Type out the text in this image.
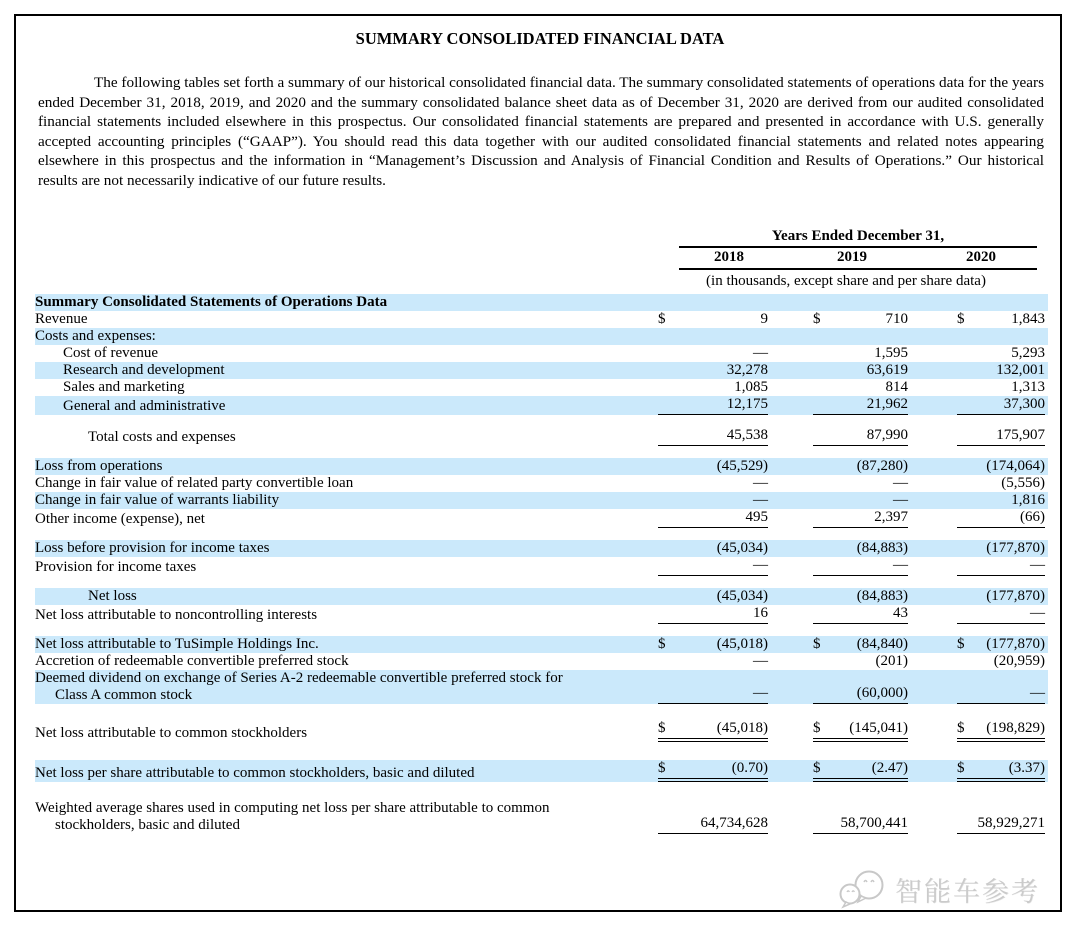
SUMMARY CONSOLIDATED FINANCIAL DATA
The following tables set forth a summary of our historical consolidated financial data. The summary consolidated statements of operations data for the years ended December 31, 2018, 2019, and 2020 and the summary consolidated balance sheet data as of December 31, 2020 are derived from our audited consolidated financial statements included elsewhere in this prospectus. Our consolidated financial statements are prepared and presented in accordance with U.S. generally accepted accounting principles (“GAAP”). You should read this data together with our audited consolidated financial statements and related notes appearing elsewhere in this prospectus and the information in “Management’s Discussion and Analysis of Financial Condition and Results of Operations.” Our historical results are not necessarily indicative of our future results.
Years Ended December 31,
2018	2019	2020
(in thousands, except share and per share data)
Summary Consolidated Statements of Operations Data
Revenue	$	9	$	710	$	1,843
Costs and expenses:
Cost of revenue	—	1,595	5,293
Research and development	32,278	63,619	132,001
Sales and marketing	1,085	814	1,313
General and administrative	12,175	21,962	37,300
Total costs and expenses	45,538	87,990	175,907
Loss from operations	(45,529)	(87,280)	(174,064)
Change in fair value of related party convertible loan	—	—	(5,556)
Change in fair value of warrants liability	—	—	1,816
Other income (expense), net	495	2,397	(66)
Loss before provision for income taxes	(45,034)	(84,883)	(177,870)
Provision for income taxes	—	—	—
Net loss	(45,034)	(84,883)	(177,870)
Net loss attributable to noncontrolling interests	16	43	—
Net loss attributable to TuSimple Holdings Inc.	$	(45,018)	$ (84,840)	$ (177,870)
Accretion of redeemable convertible preferred stock	—	(201)	(20,959)
Deemed dividend on exchange of Series A-2 redeemable convertible preferred stock for
Class A common stock	—	(60,000)	—
Net loss attributable to common stockholders	$	(45,018)	$ (145,041)	$ (198,829)
Net loss per share attributable to common stockholders, basic and diluted	$	(0.70)	$	(2.47)	$	(3.37)
Weighted average shares used in computing net loss per share attributable to common
stockholders, basic and diluted	64,734,628	58,700,441	58,929,271
智能车参考
